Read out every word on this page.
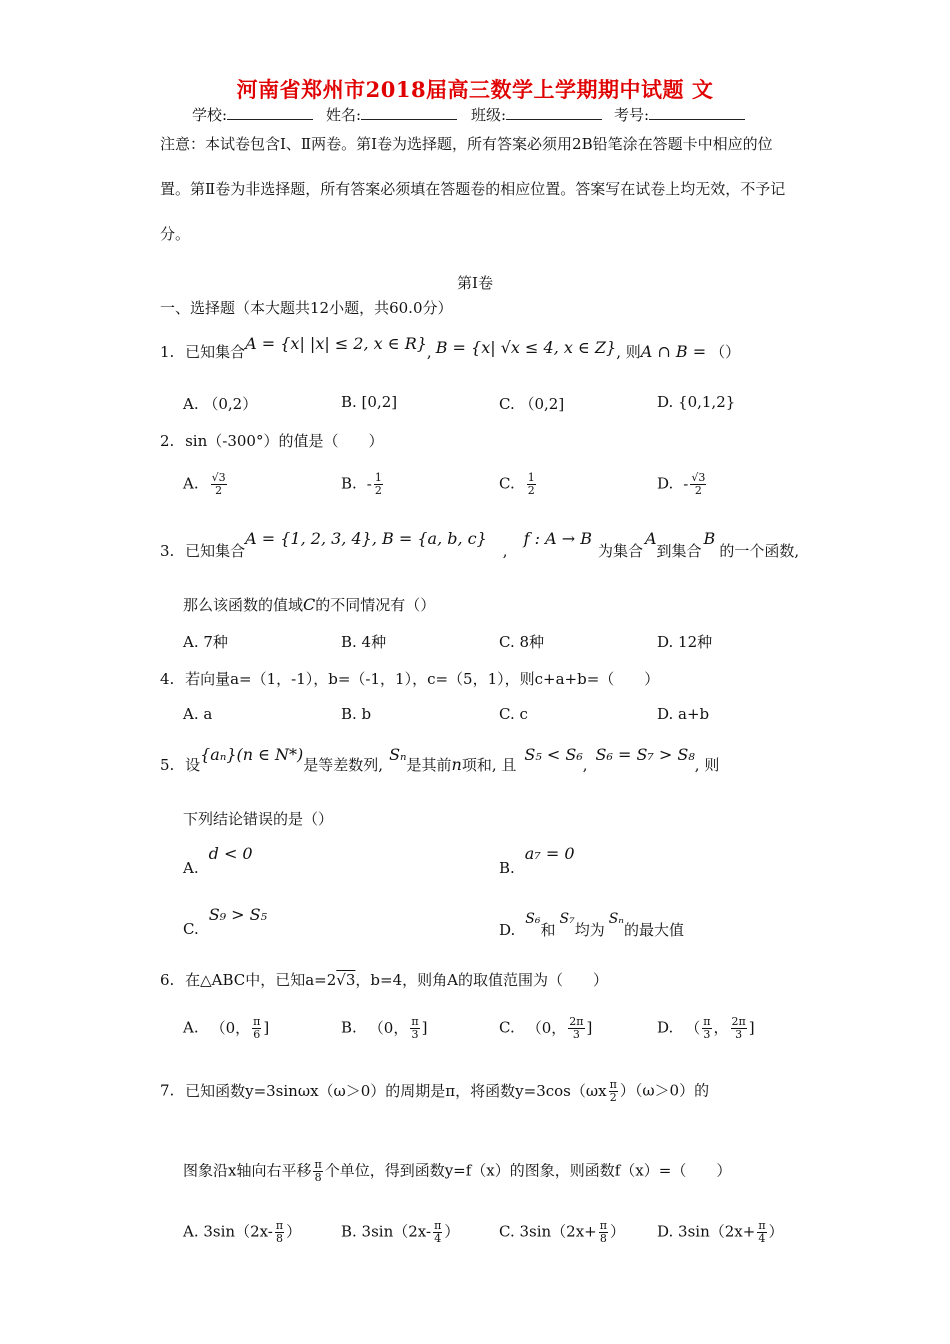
河南省郑州市2018届高三数学上学期期中试题 文
学校:	姓名:	班级:	考号:
注意：本试卷包含Ⅰ、Ⅱ两卷。第Ⅰ卷为选择题，所有答案必须用2B铅笔涂在答题卡中相应的位置。第Ⅱ卷为非选择题，所有答案必须填在答题卷的相应位置。答案写在试卷上均无效，不予记分。
第Ⅰ卷
一、选择题（本大题共12小题，共60.0分）
1. 已知集合A = {x| |x| ≤ 2, x ∈ R}, B = {x| √x ≤ 4, x ∈ Z}, 则A ∩ B = （）
A. （0,2）	B. [0,2]	C. （0,2]	D. {0,1,2}
2. sin（-300°）的值是（　　）
A. $\frac{√3}{2}$	B. - $\frac{1}{2}$	C. $\frac{1}{2}$	D. - $\frac{√3}{2}$
3. 已知集合A = {1, 2, 3, 4}, B = {a, b, c},f : A → B为集合A到集合B的一个函数,
那么该函数的值域C的不同情况有（）
A. 7种	B. 4种	C. 8种	D. 12种
4. 若向量a=（1，-1），b=（-1，1），c=（5，1），则c+a+b=（　　）
A. a	B. b	C. c	D. a+b
5. 设{aₙ}(n ∈ N*)是等差数列,Sₙ是其前n项和, 且S₅ < S₆,S₆ = S₇ > S₈, 则
下列结论错误的是（）
A.d < 0
B.a₇ = 0
C.S₉ > S₅
D.S₆和S₇均为Sₙ的最大值
6. 在△ABC中，已知a=2√3，b=4，则角A的取值范围为（　　）
A. （0， $\frac{\pi}{6}$ ]	B. （0， $\frac{\pi}{3}$ ]	C. （0， $\frac{2\pi}{3}$ ]	D. （ $\frac{\pi}{3}$ ， $\frac{2\pi}{3}$ ]
7. 已知函数y=3sinωx（ω＞0）的周期是π，将函数$y=3\cos(\omega x \frac{\pi}{2} )(\omega>0)$的
图象沿x轴向右平移 $\frac{\pi}{8}$ 个单位，得到函数y=f（x）的图象，则函数f（x）=（　　）
A. $3\sin(2x- \frac{\pi}{8}$ ）	B. $3\sin(2x- \frac{\pi}{4}$ ）	C. $3\sin(2x+ \frac{\pi}{8}$ ） D. $3\sin(2x+ \frac{\pi}{4}$ ）
